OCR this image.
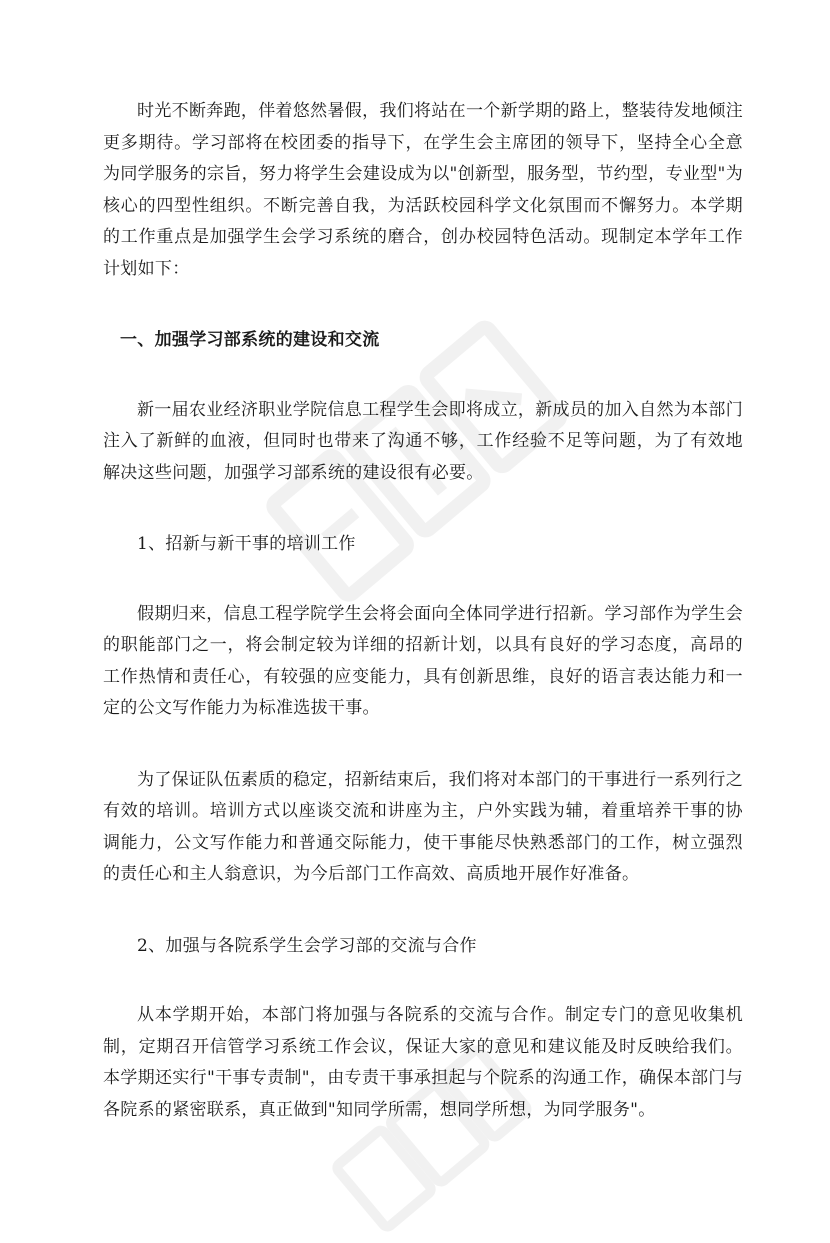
时光不断奔跑，伴着悠然暑假，我们将站在一个新学期的路上，整装待发地倾注更多期待。学习部将在校团委的指导下，在学生会主席团的领导下，坚持全心全意为同学服务的宗旨，努力将学生会建设成为以"创新型，服务型，节约型，专业型"为核心的四型性组织。不断完善自我，为活跃校园科学文化氛围而不懈努力。本学期的工作重点是加强学生会学习系统的磨合，创办校园特色活动。现制定本学年工作计划如下：

一、加强学习部系统的建设和交流

新一届农业经济职业学院信息工程学生会即将成立，新成员的加入自然为本部门注入了新鲜的血液，但同时也带来了沟通不够，工作经验不足等问题，为了有效地解决这些问题，加强学习部系统的建设很有必要。

1、招新与新干事的培训工作

假期归来，信息工程学院学生会将会面向全体同学进行招新。学习部作为学生会的职能部门之一，将会制定较为详细的招新计划，以具有良好的学习态度，高昂的工作热情和责任心，有较强的应变能力，具有创新思维，良好的语言表达能力和一定的公文写作能力为标准选拔干事。

为了保证队伍素质的稳定，招新结束后，我们将对本部门的干事进行一系列行之有效的培训。培训方式以座谈交流和讲座为主，户外实践为辅，着重培养干事的协调能力，公文写作能力和普通交际能力，使干事能尽快熟悉部门的工作，树立强烈的责任心和主人翁意识，为今后部门工作高效、高质地开展作好准备。

2、加强与各院系学生会学习部的交流与合作

从本学期开始，本部门将加强与各院系的交流与合作。制定专门的意见收集机制，定期召开信管学习系统工作会议，保证大家的意见和建议能及时反映给我们。本学期还实行"干事专责制"，由专责干事承担起与个院系的沟通工作，确保本部门与各院系的紧密联系，真正做到"知同学所需，想同学所想，为同学服务"。
